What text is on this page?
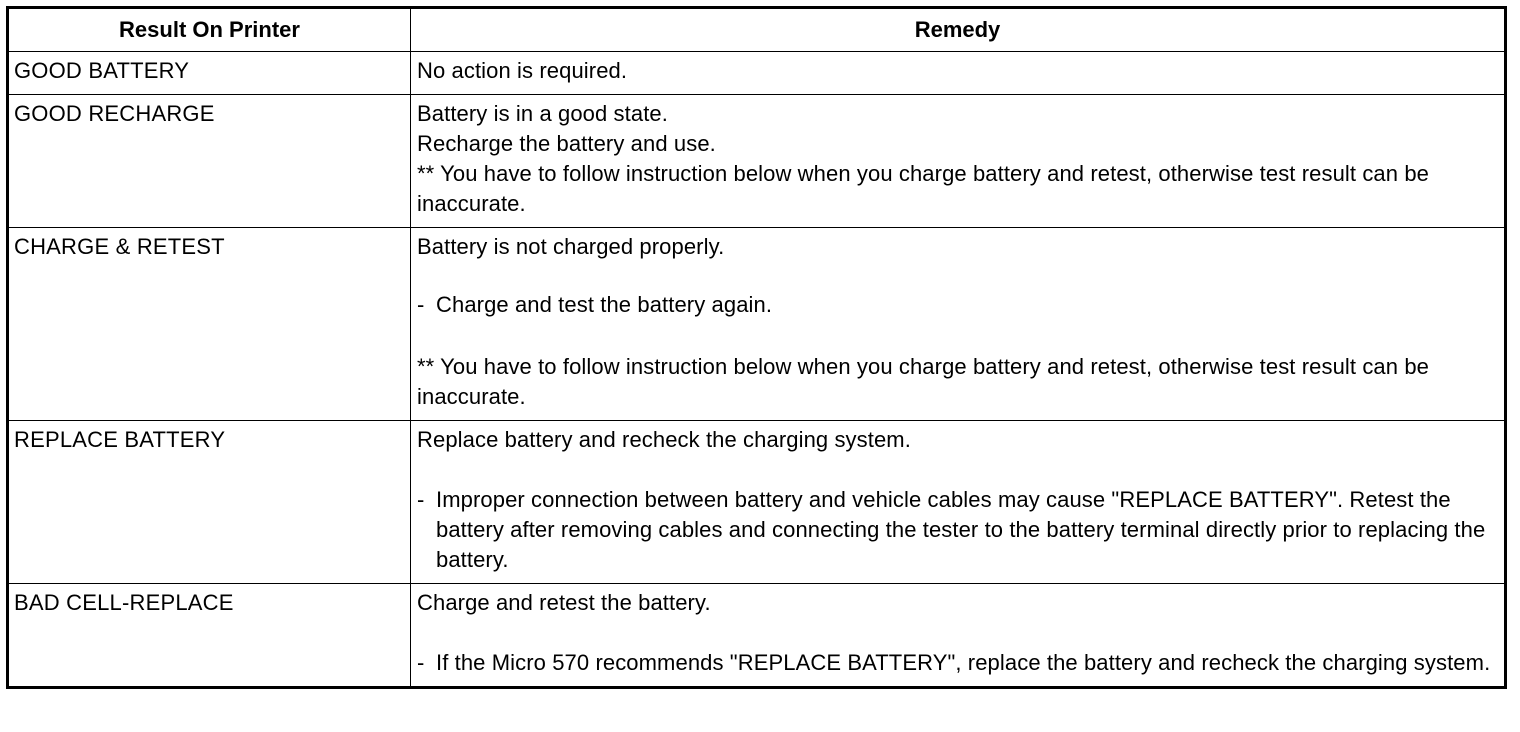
Result On Printer	Remedy
GOOD BATTERY	No action is required.

GOOD RECHARGE	Battery is in a good state.
Recharge the battery and use.
** You have to follow instruction below when you charge battery and retest, otherwise test result can be inaccurate.

CHARGE & RETEST	Battery is not charged properly.
- Charge and test the battery again.
** You have to follow instruction below when you charge battery and retest, otherwise test result can be inaccurate.

REPLACE BATTERY	Replace battery and recheck the charging system.
- Improper connection between battery and vehicle cables may cause "REPLACE BATTERY". Retest the battery after removing cables and connecting the tester to the battery terminal directly prior to replacing the battery.

BAD CELL-REPLACE	Charge and retest the battery.
- If the Micro 570 recommends "REPLACE BATTERY", replace the battery and recheck the charging system.
